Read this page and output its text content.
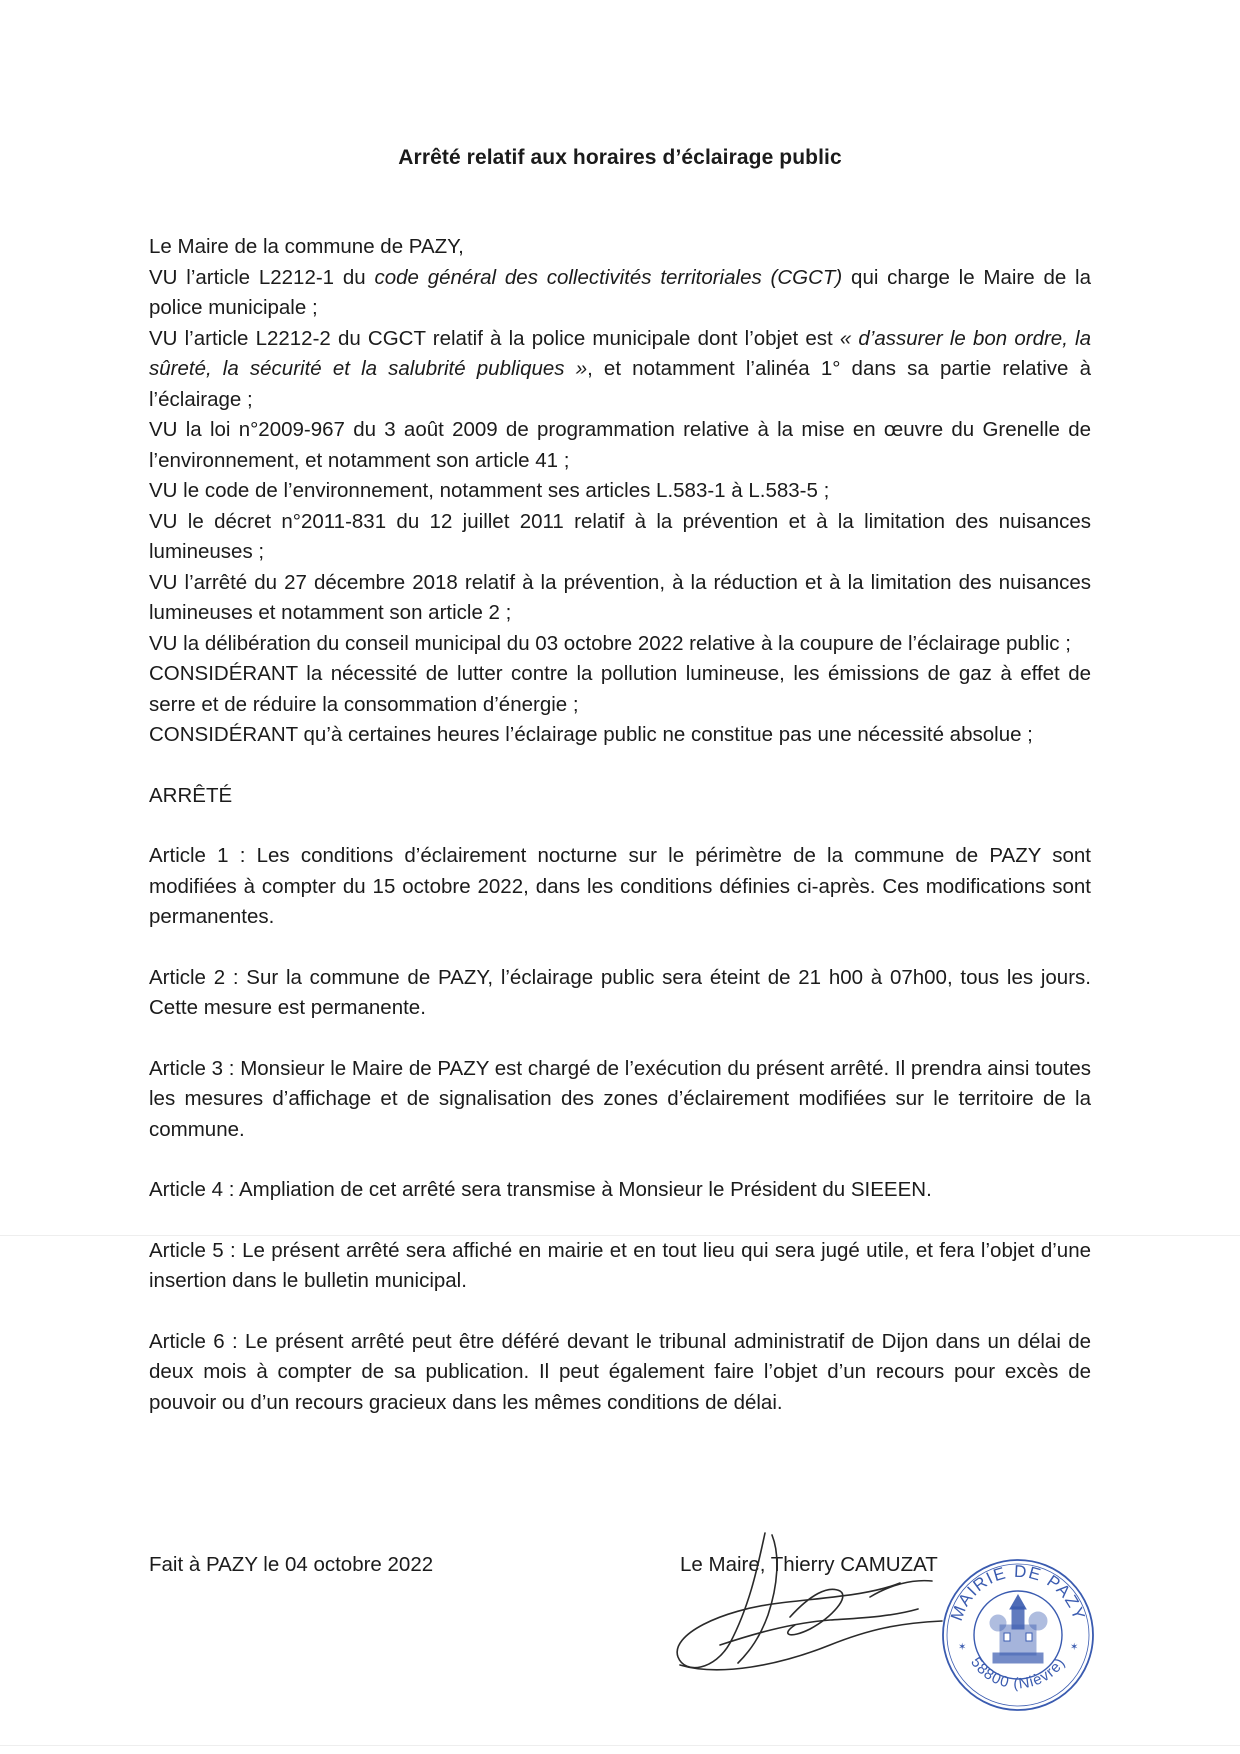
Arrêté relatif aux horaires d’éclairage public

Le Maire de la commune de PAZY,

VU l’article L2212-1 du code général des collectivités territoriales (CGCT) qui charge le Maire de la police municipale ;

VU l’article L2212-2 du CGCT relatif à la police municipale dont l’objet est « d’assurer le bon ordre, la sûreté, la sécurité et la salubrité publiques », et notamment l’alinéa 1° dans sa partie relative à l’éclairage ;

VU la loi n°2009-967 du 3 août 2009 de programmation relative à la mise en œuvre du Grenelle de l’environnement, et notamment son article 41 ;

VU le code de l’environnement, notamment ses articles L.583-1 à L.583-5 ;

VU le décret n°2011-831 du 12 juillet 2011 relatif à la prévention et à la limitation des nuisances lumineuses ;

VU l’arrêté du 27 décembre 2018 relatif à la prévention, à la réduction et à la limitation des nuisances lumineuses et notamment son article 2 ;

VU la délibération du conseil municipal du 03 octobre 2022 relative à la coupure de l’éclairage public ;

CONSIDÉRANT la nécessité de lutter contre la pollution lumineuse, les émissions de gaz à effet de serre et de réduire la consommation d’énergie ;

CONSIDÉRANT qu’à certaines heures l’éclairage public ne constitue pas une nécessité absolue ;

ARRÊTÉ

Article 1 : Les conditions d’éclairement nocturne sur le périmètre de la commune de PAZY sont modifiées à compter du 15 octobre 2022, dans les conditions définies ci-après. Ces modifications sont permanentes.

Article 2 : Sur la commune de PAZY, l’éclairage public sera éteint de 21 h00 à 07h00, tous les jours. Cette mesure est permanente.

Article 3 : Monsieur le Maire de PAZY est chargé de l’exécution du présent arrêté. Il prendra ainsi toutes les mesures d’affichage et de signalisation des zones d’éclairement modifiées sur le territoire de la commune.

Article 4 : Ampliation de cet arrêté sera transmise à Monsieur le Président du SIEEEN.

Article 5 : Le présent arrêté sera affiché en mairie et en tout lieu qui sera jugé utile, et fera l’objet d’une insertion dans le bulletin municipal.

Article 6 : Le présent arrêté peut être déféré devant le tribunal administratif de Dijon dans un délai de deux mois à compter de sa publication. Il peut également faire l’objet d’un recours pour excès de pouvoir ou d’un recours gracieux dans les mêmes conditions de délai.

Fait à PAZY le 04 octobre 2022	Le Maire, Thierry CAMUZAT
MAIRIE DE PAZY
58800 (Nièvre)
✶	✶
